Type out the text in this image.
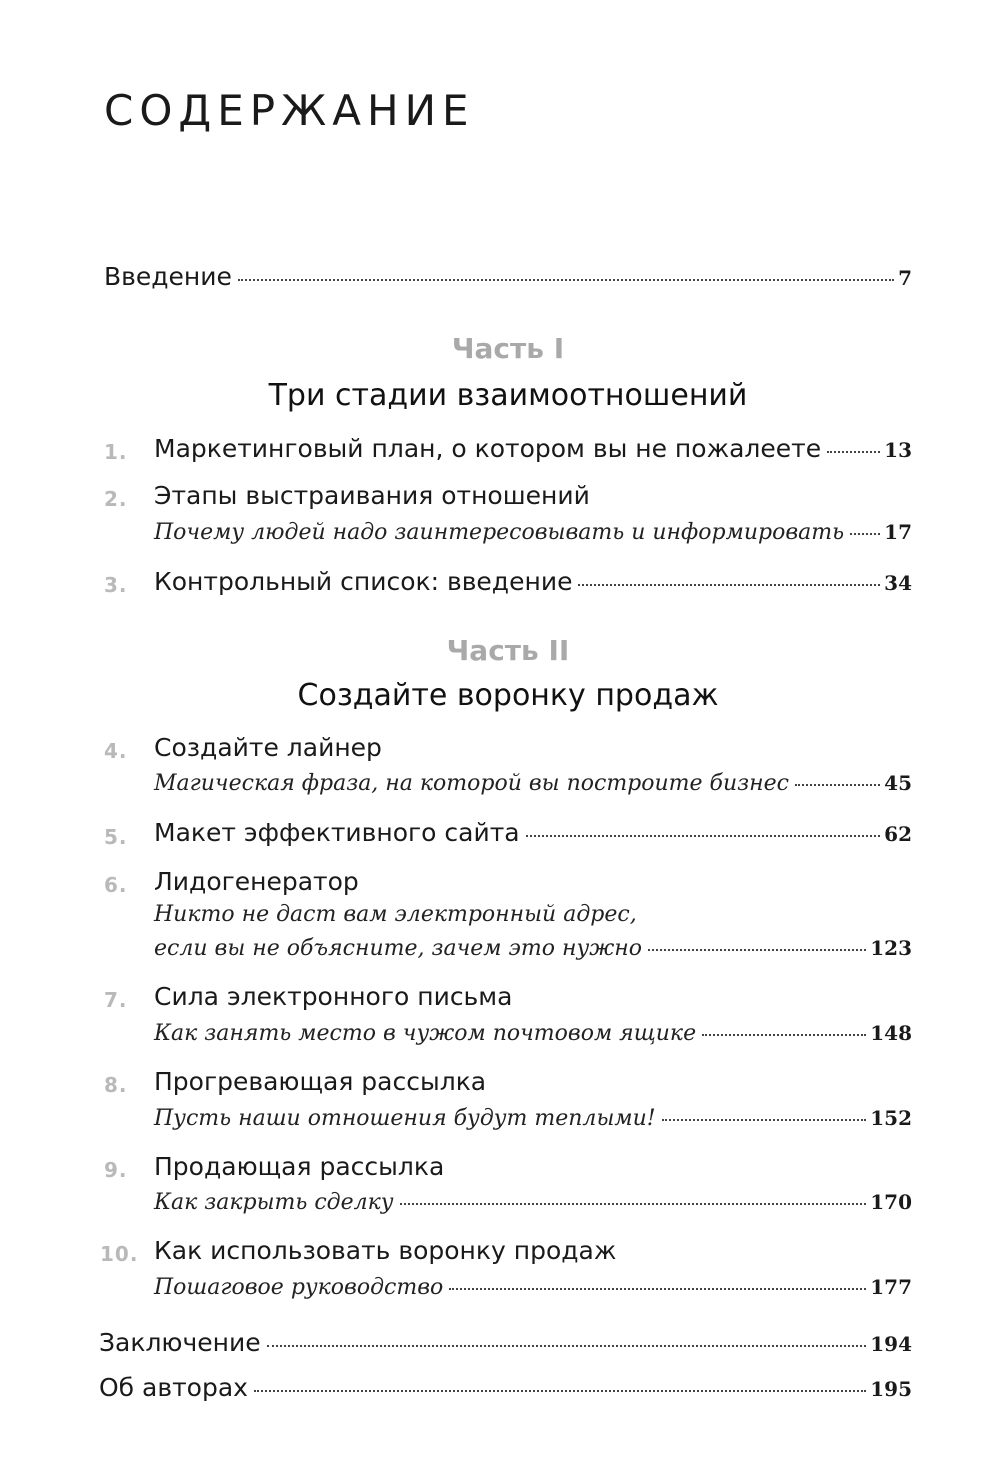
СОДЕРЖАНИЕ
Введение	7
Часть I
Три стадии взаимоотношений
1. Маркетинговый план, о котором вы не пожалеете	13
2. Этапы выстраивания отношений
Почему людей надо заинтересовывать и информировать 17
3. Контрольный список: введение	34
Часть II
Создайте воронку продаж
4. Создайте лайнер
Магическая фраза, на которой вы построите бизнес	45
5. Макет эффективного сайта	62
6. Лидогенератор
Никто не даст вам электронный адрес,
если вы не объясните, зачем это нужно	123
7. Сила электронного письма
Как занять место в чужом почтовом ящике	148
8. Прогревающая рассылка
Пусть наши отношения будут теплыми!	152
9. Продающая рассылка
Как закрыть сделку	170
10. Как использовать воронку продаж
Пошаговое руководство	177
Заключение	194
Об авторах	195
